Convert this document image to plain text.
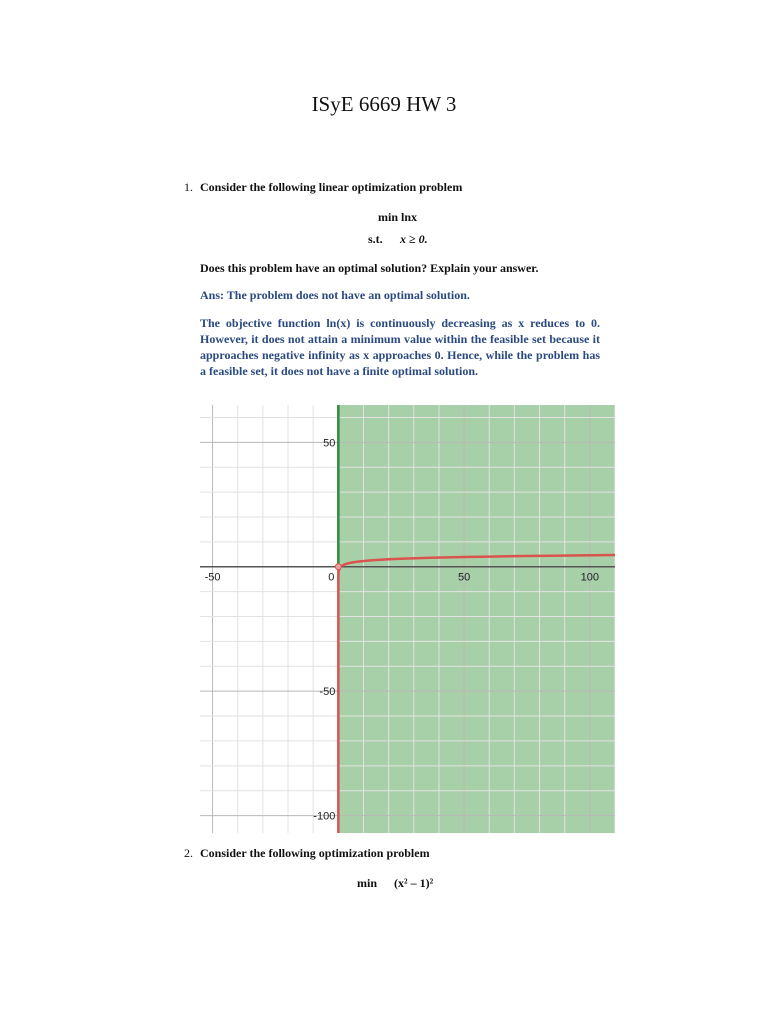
ISyE 6669 HW 3
1. Consider the following linear optimization problem
min lnx
s.t. x ≥ 0.
Does this problem have an optimal solution? Explain your answer.
Ans: The problem does not have an optimal solution.
The objective function ln(x) is continuously decreasing as x reduces to 0. However, it does not attain a minimum value within the feasible set because it approaches negative infinity as x approaches 0. Hence, while the problem has a feasible set, it does not have a finite optimal solution.
-50	0	50	100
50
-50
-100
2. Consider the following optimization problem
min (x² – 1)²
